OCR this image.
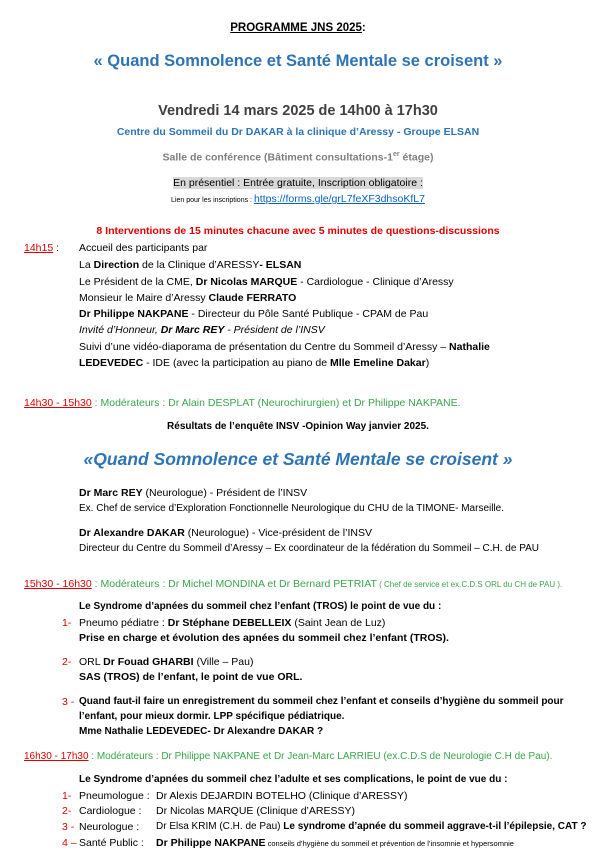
PROGRAMME JNS 2025:
« Quand Somnolence et Santé Mentale se croisent »
Vendredi 14 mars 2025 de 14h00 à 17h30
Centre du Sommeil du Dr DAKAR à la clinique d’Aressy - Groupe ELSAN
Salle de conférence (Bâtiment consultations-1er étage)
En présentiel : Entrée gratuite, Inscription obligatoire :
Lien pour les inscriptions : https://forms.gle/grL7feXF3dhsoKfL7
8 Interventions de 15 minutes chacune avec 5 minutes de questions-discussions
14h15 : Accueil des participants par
La Direction de la Clinique d’ARESSY- ELSAN
Le Président de la CME, Dr Nicolas MARQUE - Cardiologue - Clinique d’Aressy
Monsieur le Maire d’Aressy Claude FERRATO
Dr Philippe NAKPANE - Directeur du Pôle Santé Publique - CPAM de Pau
Invité d’Honneur, Dr Marc REY - Président de l’INSV
Suivi d’une vidéo-diaporama de présentation du Centre du Sommeil d’Aressy – Nathalie
LEDEVEDEC - IDE (avec la participation au piano de Mlle Emeline Dakar)
14h30 - 15h30 : Modérateurs : Dr Alain DESPLAT (Neurochirurgien) et Dr Philippe NAKPANE.
Résultats de l’enquête INSV -Opinion Way janvier 2025.
«Quand Somnolence et Santé Mentale se croisent »
Dr Marc REY (Neurologue) - Président de l’INSV
Ex. Chef de service d’Exploration Fonctionnelle Neurologique du CHU de la TIMONE- Marseille.
Dr Alexandre DAKAR (Neurologue) - Vice-président de l’INSV
Directeur du Centre du Sommeil d’Aressy – Ex coordinateur de la fédération du Sommeil – C.H. de PAU
15h30 - 16h30 : Modérateurs : Dr Michel MONDINA et Dr Bernard PETRIAT ( Chef de service et ex.C.D.S ORL du CH de PAU ).
Le Syndrome d’apnées du sommeil chez l’enfant (TROS) le point de vue du :
1- Pneumo pédiatre : Dr Stéphane DEBELLEIX (Saint Jean de Luz)
Prise en charge et évolution des apnées du sommeil chez l’enfant (TROS).
2- ORL Dr Fouad GHARBI (Ville – Pau)
SAS (TROS) de l’enfant, le point de vue ORL.
3 - Quand faut-il faire un enregistrement du sommeil chez l’enfant et conseils d’hygiène du sommeil pour
l’enfant, pour mieux dormir. LPP spécifique pédiatrique.
Mme Nathalie LEDEVEDEC- Dr Alexandre DAKAR ?
16h30 - 17h30 : Modérateurs : Dr Philippe NAKPANE et Dr Jean-Marc LARRIEU (ex.C.D.S de Neurologie C.H de Pau).
Le Syndrome d’apnées du sommeil chez l’adulte et ses complications, le point de vue du :
1- Pneumologue : Dr Alexis DEJARDIN BOTELHO (Clinique d’ARESSY)
2- Cardiologue : Dr Nicolas MARQUE (Clinique d’ARESSY)
3 - Neurologue : Dr Elsa KRIM (C.H. de Pau) Le syndrome d’apnée du sommeil aggrave-t-il l’épilepsie, CAT ?
4 – Santé Public : Dr Philippe NAKPANE conseils d’hygiène du sommeil et prévention de l’insomnie et hypersomnie
